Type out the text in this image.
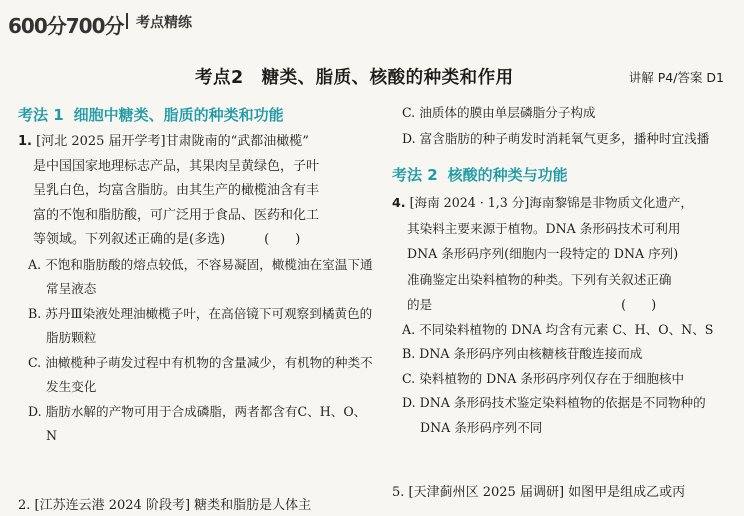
600分700分 考点精练
考点2　糖类、脂质、核酸的种类和作用	讲解 P4/答案 D1
考法 1 细胞中糖类、脂质的种类和功能
1. [河北 2025 届开学考]甘肃陇南的“武都油橄榄”
是中国国家地理标志产品，其果肉呈黄绿色，子叶
呈乳白色，均富含脂肪。由其生产的橄榄油含有丰
富的不饱和脂肪酸，可广泛用于食品、医药和化工
等领域。下列叙述正确的是(多选)　　　(　　)
A. 不饱和脂肪酸的熔点较低，不容易凝固，橄榄油在室温下通常呈液态
B. 苏丹Ⅲ染液处理油橄榄子叶，在高倍镜下可观察到橘黄色的脂肪颗粒
C. 油橄榄种子萌发过程中有机物的含量减少，有机物的种类不发生变化
D. 脂肪水解的产物可用于合成磷脂，两者都含有C、H、O、N
2. [江苏连云港 2024 阶段考] 糖类和脂肪是人体主
C. 油质体的膜由单层磷脂分子构成
D. 富含脂肪的种子萌发时消耗氧气更多，播种时宜浅播
考法 2 核酸的种类与功能
4. [海南 2024 · 1,3 分]海南黎锦是非物质文化遗产，
其染料主要来源于植物。DNA 条形码技术可利用
DNA 条形码序列(细胞内一段特定的 DNA 序列)
准确鉴定出染料植物的种类。下列有关叙述正确
的是　　　　　　　　　　　　　　　(　　)
A. 不同染料植物的 DNA 均含有元素 C、H、O、N、S
B. DNA 条形码序列由核糖核苷酸连接而成
C. 染料植物的 DNA 条形码序列仅存在于细胞核中
D. DNA 条形码技术鉴定染料植物的依据是不同物种的 DNA 条形码序列不同
5. [天津蓟州区 2025 届调研] 如图甲是组成乙或丙
